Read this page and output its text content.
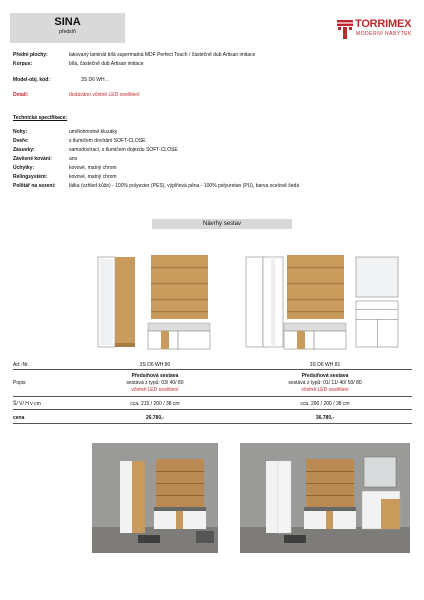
SINA
předsíň
TORRIMEX
MODERNÍ NÁBYTEK
Přední plochy:	lakovaný laminát bílá supermatná MDF Perfect Touch / částečně dub Artisan imitace
Korpus:	bílá, částečně dub Artisan imitace
Model-obj. kód:	3S D6 WH ..
Detail:	dodáváno včetně LED osvětlení
Technická specifikace:
Nohy:	umělohmotné kluzáky
Dveře:	s tlumičem dovírání SOFT-CLOSE
Zásuvky:	samodovírací, s tlumičem dojezdu SOFT-CLOSE
Závěsné kování:	ano
Úchytky:	kovové, matný chrom
Relingsystém:	kovové, matný chrom
Polštář na sezení:	látka (vzhled kůže) - 100% polyester (PES), výplňová pěna - 100% polyuretan (PU), barva ocelově šedá
Návrhy sestav
Art.-Nr.	3S D6 WH 80	3S D6 WH 81
Popis
Předsíňová sestava
sestává z typů: 03/ 40/ 80
včetně LED osvětlení
Předsíňová sestava
sestává z typů: 01/ 11/ 40/ 50/ 80
včetně LED osvětlení
Š/ V/ H v cm	cca. 215 / 200 / 38 cm	cca. 290 / 200 / 38 cm
cena	26.780,-	36.780,-
